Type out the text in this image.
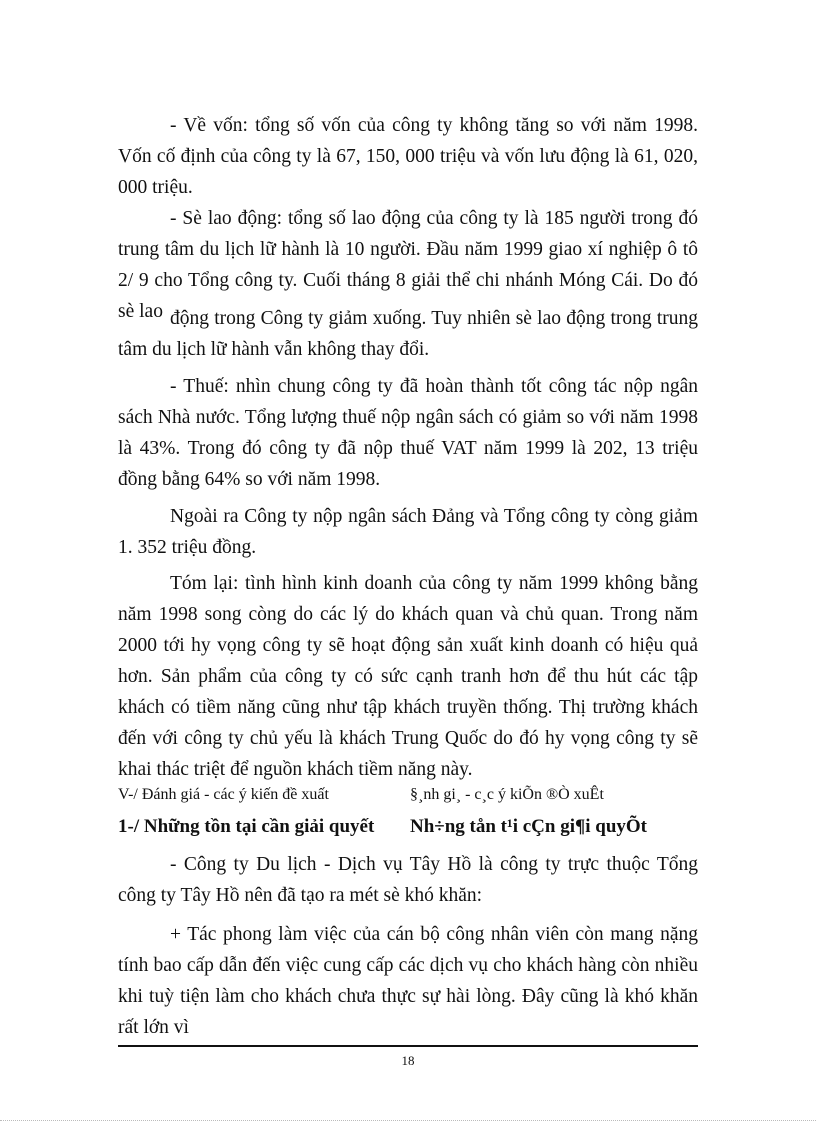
- Về vốn: tổng số vốn của công ty không tăng so với năm 1998. Vốn cố định của công ty là 67, 150, 000 triệu và vốn lưu động là 61, 020, 000 triệu.

- Sè lao động: tổng số lao động của công ty là 185 người trong đó trung tâm du lịch lữ hành là 10 người. Đầu năm 1999 giao xí nghiệp ô tô 2/ 9 cho Tổng công ty. Cuối tháng 8 giải thể chi nhánh Móng Cái. Do đó sè lao động trong Công ty giảm xuống. Tuy nhiên sè lao động trong trung tâm du lịch lữ hành vẫn không thay đổi.

- Thuế: nhìn chung công ty đã hoàn thành tốt công tác nộp ngân sách Nhà nước. Tổng lượng thuế nộp ngân sách có giảm so với năm 1998 là 43%. Trong đó công ty đã nộp thuế VAT năm 1999 là 202, 13 triệu đồng bằng 64% so với năm 1998.

Ngoài ra Công ty nộp ngân sách Đảng và Tổng công ty còng giảm 1. 352 triệu đồng.

Tóm lại: tình hình kinh doanh của công ty năm 1999 không bằng năm 1998 song còng do các lý do khách quan và chủ quan. Trong năm 2000 tới hy vọng công ty sẽ hoạt động sản xuất kinh doanh có hiệu quả hơn. Sản phẩm của công ty có sức cạnh tranh hơn để thu hút các tập khách có tiềm năng cũng như tập khách truyền thống. Thị trường khách đến với công ty chủ yếu là khách Trung Quốc do đó hy vọng công ty sẽ khai thác triệt để nguồn khách tiềm năng này.

V-/ Đánh giá - các ý kiến đề xuất	§¸nh gi¸ - c¸c ý kiÕn ®Ò xuÊt
1-/ Những tồn tại cần giải quyết Nh÷ng tån t¹i cÇn gi¶i quyÕt

- Công ty Du lịch - Dịch vụ Tây Hồ là công ty trực thuộc Tổng công ty Tây Hồ nên đã tạo ra mét sè khó khăn:

+ Tác phong làm việc của cán bộ công nhân viên còn mang nặng tính bao cấp dẫn đến việc cung cấp các dịch vụ cho khách hàng còn nhiều khi tuỳ tiện làm cho khách chưa thực sự hài lòng. Đây cũng là khó khăn rất lớn vì

18
